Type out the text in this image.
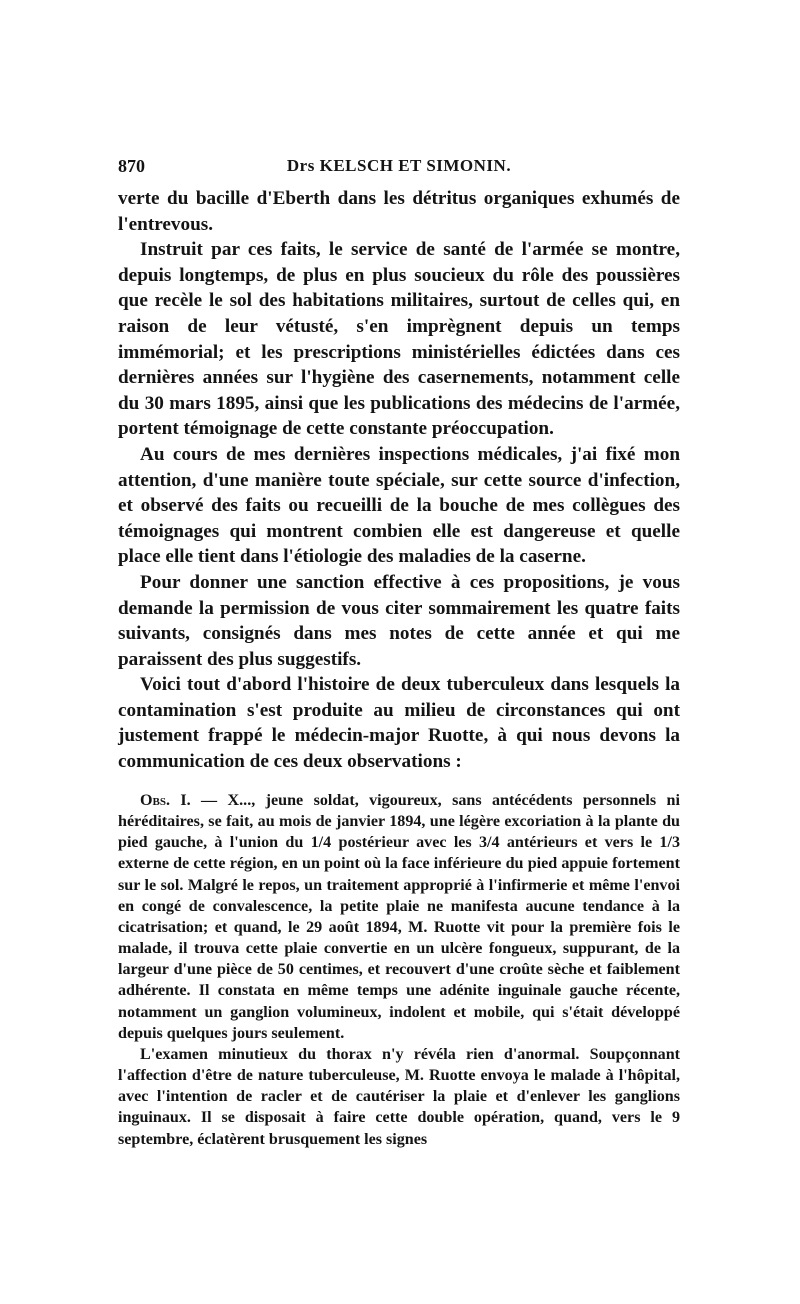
870	Drs KELSCH ET SIMONIN.

verte du bacille d'Eberth dans les détritus organiques exhumés de l'entrevous.

Instruit par ces faits, le service de santé de l'armée se montre, depuis longtemps, de plus en plus soucieux du rôle des poussières que recèle le sol des habitations militaires, surtout de celles qui, en raison de leur vétusté, s'en imprègnent depuis un temps immémorial; et les prescriptions ministérielles édictées dans ces dernières années sur l'hygiène des casernements, notamment celle du 30 mars 1895, ainsi que les publications des médecins de l'armée, portent témoignage de cette constante préoccupation.

Au cours de mes dernières inspections médicales, j'ai fixé mon attention, d'une manière toute spéciale, sur cette source d'infection, et observé des faits ou recueilli de la bouche de mes collègues des témoignages qui montrent combien elle est dangereuse et quelle place elle tient dans l'étiologie des maladies de la caserne.

Pour donner une sanction effective à ces propositions, je vous demande la permission de vous citer sommairement les quatre faits suivants, consignés dans mes notes de cette année et qui me paraissent des plus suggestifs.

Voici tout d'abord l'histoire de deux tuberculeux dans lesquels la contamination s'est produite au milieu de circonstances qui ont justement frappé le médecin-major Ruotte, à qui nous devons la communication de ces deux observations :

Obs. I. — X..., jeune soldat, vigoureux, sans antécédents personnels ni héréditaires, se fait, au mois de janvier 1894, une légère excoriation à la plante du pied gauche, à l'union du 1/4 postérieur avec les 3/4 antérieurs et vers le 1/3 externe de cette région, en un point où la face inférieure du pied appuie fortement sur le sol. Malgré le repos, un traitement approprié à l'infirmerie et même l'envoi en congé de convalescence, la petite plaie ne manifesta aucune tendance à la cicatrisation; et quand, le 29 août 1894, M. Ruotte vit pour la première fois le malade, il trouva cette plaie convertie en un ulcère fongueux, suppurant, de la largeur d'une pièce de 50 centimes, et recouvert d'une croûte sèche et faiblement adhérente. Il constata en même temps une adénite inguinale gauche récente, notamment un ganglion volumineux, indolent et mobile, qui s'était développé depuis quelques jours seulement.

L'examen minutieux du thorax n'y révéla rien d'anormal. Soupçonnant l'affection d'être de nature tuberculeuse, M. Ruotte envoya le malade à l'hôpital, avec l'intention de racler et de cautériser la plaie et d'enlever les ganglions inguinaux. Il se disposait à faire cette double opération, quand, vers le 9 septembre, éclatèrent brusquement les signes
